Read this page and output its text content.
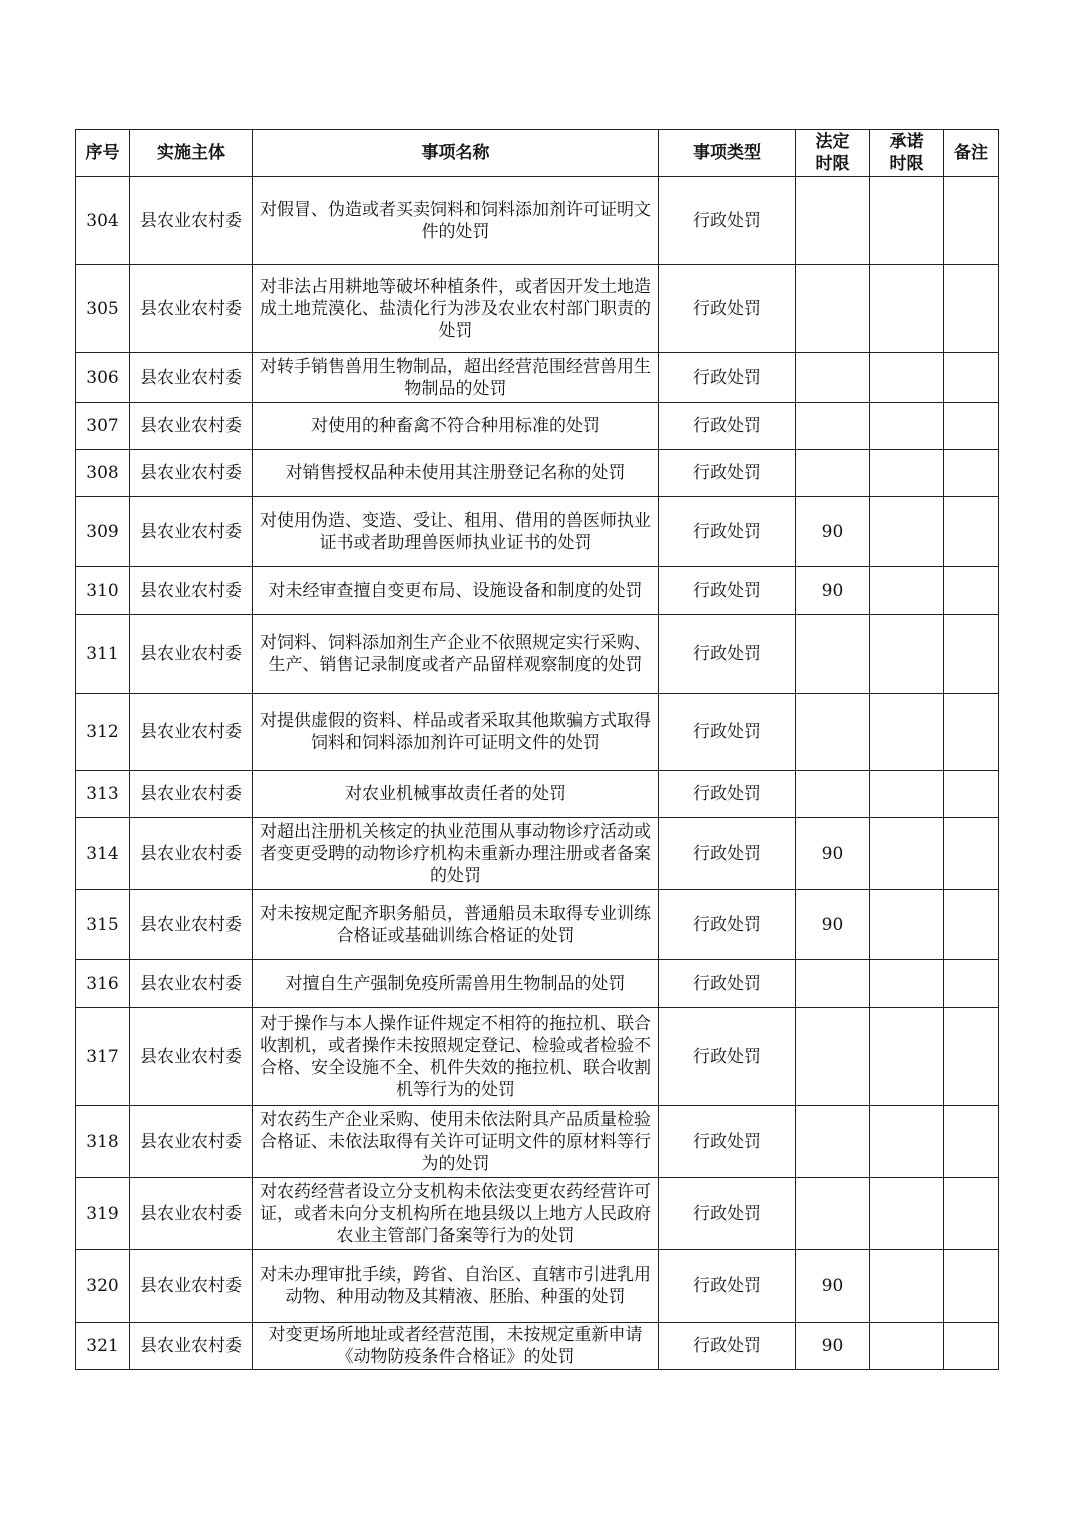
序号	实施主体	事项名称	事项类型	法定时限	承诺时限	备注
304	县农业农村委	对假冒、伪造或者买卖饲料和饲料添加剂许可证明文件的处罚	行政处罚			
305	县农业农村委	对非法占用耕地等破坏种植条件，或者因开发土地造成土地荒漠化、盐渍化行为涉及农业农村部门职责的处罚	行政处罚			
306	县农业农村委	对转手销售兽用生物制品，超出经营范围经营兽用生物制品的处罚	行政处罚			
307	县农业农村委	对使用的种畜禽不符合种用标准的处罚	行政处罚			
308	县农业农村委	对销售授权品种未使用其注册登记名称的处罚	行政处罚			
309	县农业农村委	对使用伪造、变造、受让、租用、借用的兽医师执业证书或者助理兽医师执业证书的处罚	行政处罚	90		
310	县农业农村委	对未经审查擅自变更布局、设施设备和制度的处罚	行政处罚	90		
311	县农业农村委	对饲料、饲料添加剂生产企业不依照规定实行采购、生产、销售记录制度或者产品留样观察制度的处罚	行政处罚			
312	县农业农村委	对提供虚假的资料、样品或者采取其他欺骗方式取得饲料和饲料添加剂许可证明文件的处罚	行政处罚			
313	县农业农村委	对农业机械事故责任者的处罚	行政处罚			
314	县农业农村委	对超出注册机关核定的执业范围从事动物诊疗活动或者变更受聘的动物诊疗机构未重新办理注册或者备案的处罚	行政处罚	90		
315	县农业农村委	对未按规定配齐职务船员，普通船员未取得专业训练合格证或基础训练合格证的处罚	行政处罚	90		
316	县农业农村委	对擅自生产强制免疫所需兽用生物制品的处罚	行政处罚			
317	县农业农村委	对于操作与本人操作证件规定不相符的拖拉机、联合收割机，或者操作未按照规定登记、检验或者检验不合格、安全设施不全、机件失效的拖拉机、联合收割机等行为的处罚	行政处罚			
318	县农业农村委	对农药生产企业采购、使用未依法附具产品质量检验合格证、未依法取得有关许可证明文件的原材料等行为的处罚	行政处罚			
319	县农业农村委	对农药经营者设立分支机构未依法变更农药经营许可证，或者未向分支机构所在地县级以上地方人民政府农业主管部门备案等行为的处罚	行政处罚			
320	县农业农村委	对未办理审批手续，跨省、自治区、直辖市引进乳用动物、种用动物及其精液、胚胎、种蛋的处罚	行政处罚	90		
321	县农业农村委	对变更场所地址或者经营范围，未按规定重新申请《动物防疫条件合格证》的处罚	行政处罚	90		
